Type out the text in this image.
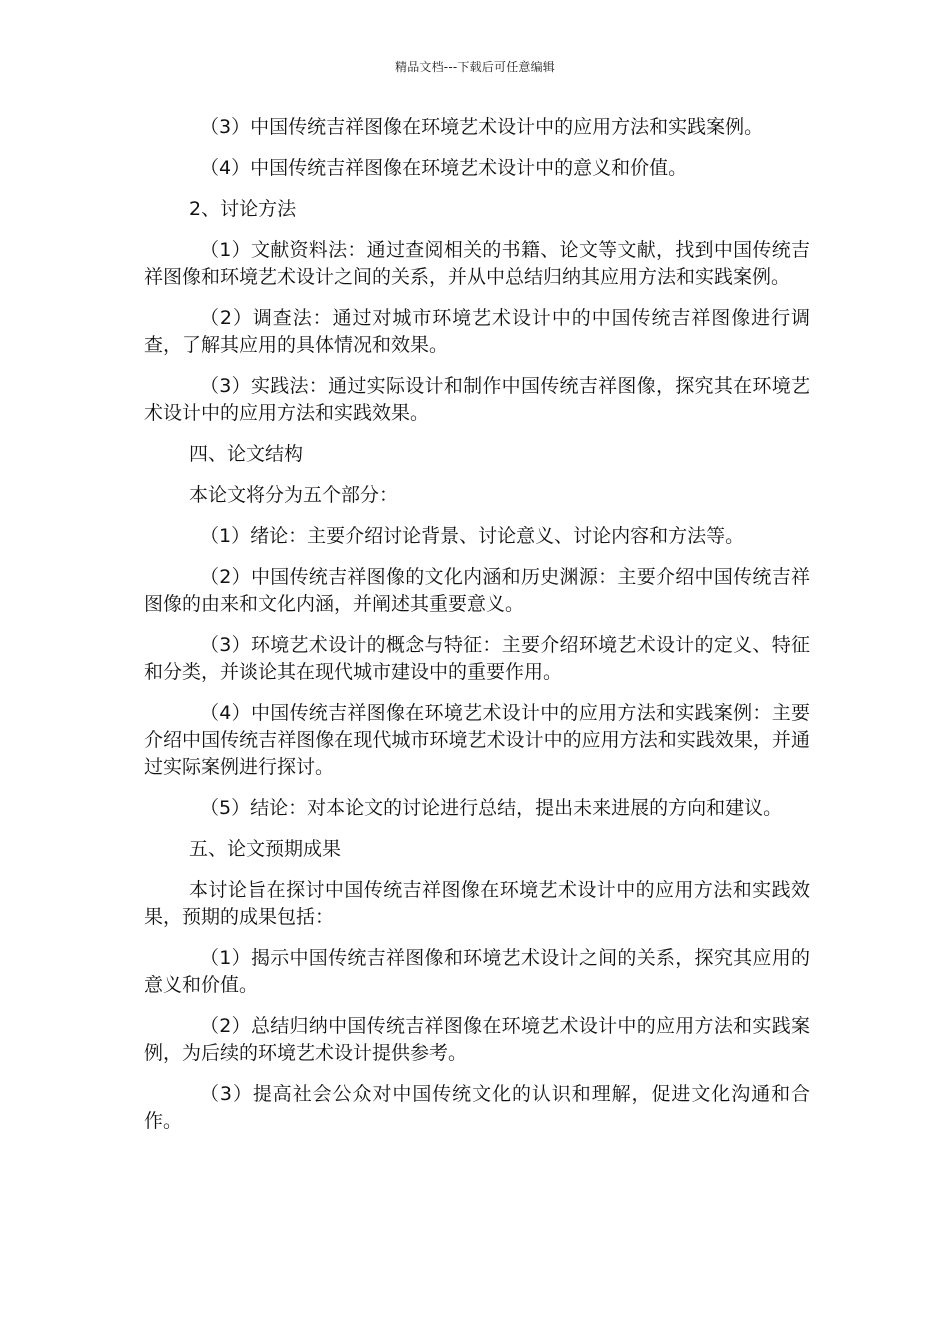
精品文档---下载后可任意编辑

（3）中国传统吉祥图像在环境艺术设计中的应用方法和实践案例。

（4）中国传统吉祥图像在环境艺术设计中的意义和价值。

2、讨论方法

（1）文献资料法：通过查阅相关的书籍、论文等文献，找到中国传统吉祥图像和环境艺术设计之间的关系，并从中总结归纳其应用方法和实践案例。

（2）调查法：通过对城市环境艺术设计中的中国传统吉祥图像进行调查，了解其应用的具体情况和效果。

（3）实践法：通过实际设计和制作中国传统吉祥图像，探究其在环境艺术设计中的应用方法和实践效果。

四、论文结构

本论文将分为五个部分：

（1）绪论：主要介绍讨论背景、讨论意义、讨论内容和方法等。

（2）中国传统吉祥图像的文化内涵和历史渊源：主要介绍中国传统吉祥图像的由来和文化内涵，并阐述其重要意义。

（3）环境艺术设计的概念与特征：主要介绍环境艺术设计的定义、特征和分类，并谈论其在现代城市建设中的重要作用。

（4）中国传统吉祥图像在环境艺术设计中的应用方法和实践案例：主要介绍中国传统吉祥图像在现代城市环境艺术设计中的应用方法和实践效果，并通过实际案例进行探讨。

（5）结论：对本论文的讨论进行总结，提出未来进展的方向和建议。

五、论文预期成果

本讨论旨在探讨中国传统吉祥图像在环境艺术设计中的应用方法和实践效果，预期的成果包括：

（1）揭示中国传统吉祥图像和环境艺术设计之间的关系，探究其应用的意义和价值。

（2）总结归纳中国传统吉祥图像在环境艺术设计中的应用方法和实践案例，为后续的环境艺术设计提供参考。

（3）提高社会公众对中国传统文化的认识和理解，促进文化沟通和合作。
